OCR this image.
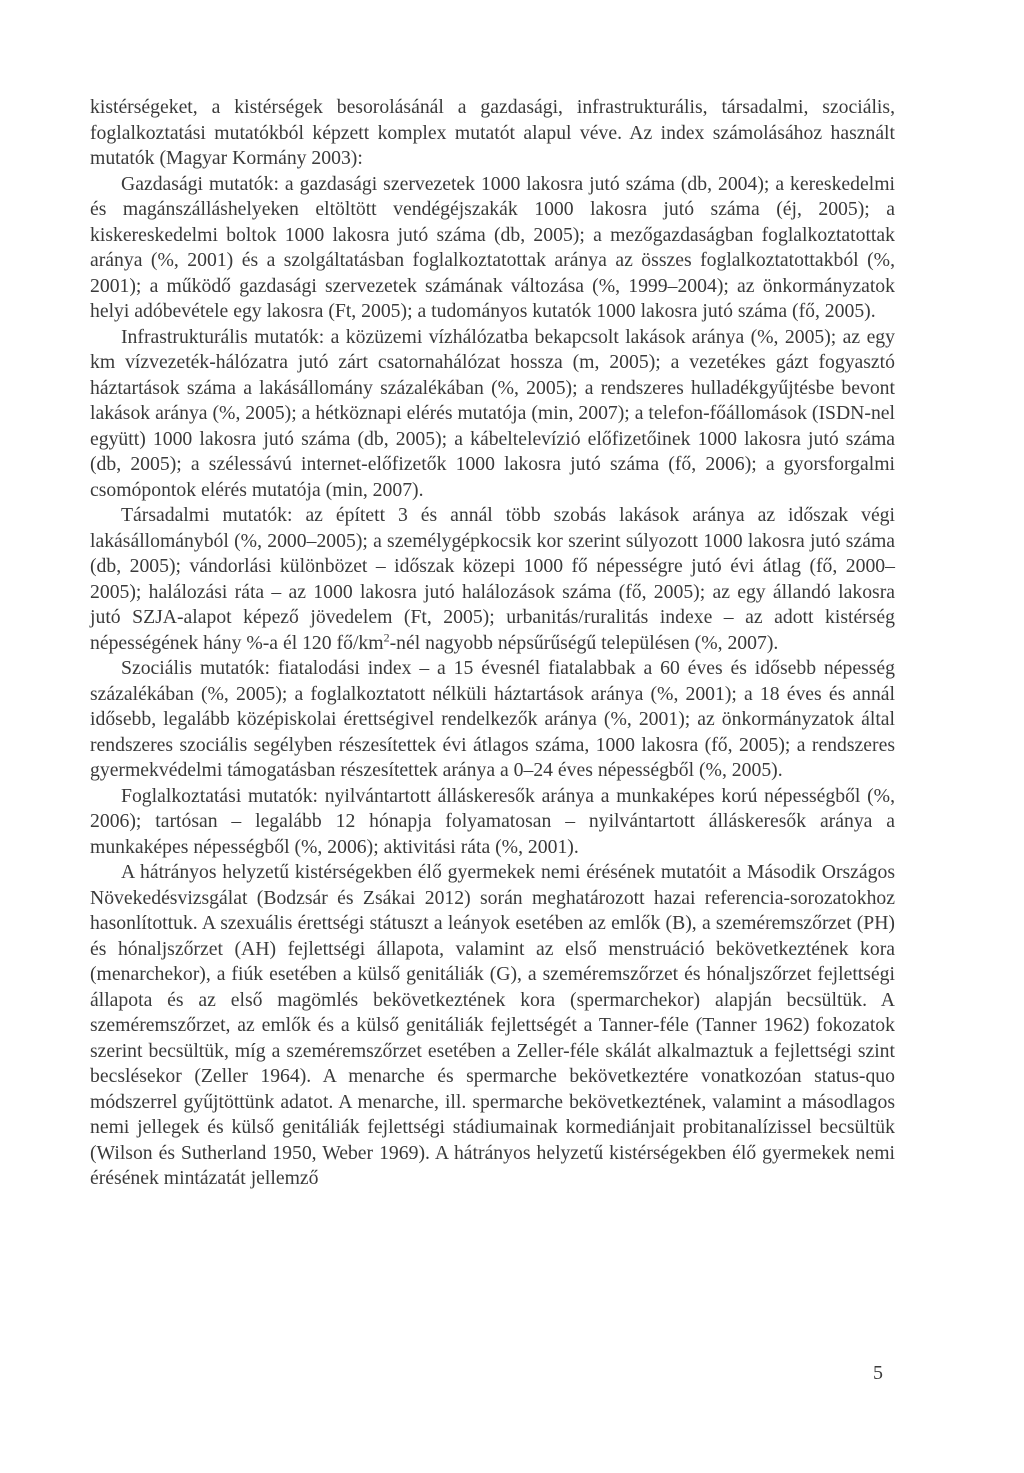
kistérségeket, a kistérségek besorolásánál a gazdasági, infrastrukturális, társadalmi, szociális, foglalkoztatási mutatókból képzett komplex mutatót alapul véve. Az index számolásához használt mutatók (Magyar Kormány 2003):

Gazdasági mutatók: a gazdasági szervezetek 1000 lakosra jutó száma (db, 2004); a kereskedelmi és magánszálláshelyeken eltöltött vendégéjszakák 1000 lakosra jutó száma (éj, 2005); a kiskereskedelmi boltok 1000 lakosra jutó száma (db, 2005); a mezőgazdaságban foglalkoztatottak aránya (%, 2001) és a szolgáltatásban foglalkoztatottak aránya az összes foglalkoztatottakból (%, 2001); a működő gazdasági szervezetek számának változása (%, 1999–2004); az önkormányzatok helyi adóbevétele egy lakosra (Ft, 2005); a tudományos kutatók 1000 lakosra jutó száma (fő, 2005).

Infrastrukturális mutatók: a közüzemi vízhálózatba bekapcsolt lakások aránya (%, 2005); az egy km vízvezeték-hálózatra jutó zárt csatornahálózat hossza (m, 2005); a vezetékes gázt fogyasztó háztartások száma a lakásállomány százalékában (%, 2005); a rendszeres hulladékgyűjtésbe bevont lakások aránya (%, 2005); a hétköznapi elérés mutatója (min, 2007); a telefon-főállomások (ISDN-nel együtt) 1000 lakosra jutó száma (db, 2005); a kábeltelevízió előfizetőinek 1000 lakosra jutó száma (db, 2005); a szélessávú internet-előfizetők 1000 lakosra jutó száma (fő, 2006); a gyorsforgalmi csomópontok elérés mutatója (min, 2007).

Társadalmi mutatók: az épített 3 és annál több szobás lakások aránya az időszak végi lakásállományból (%, 2000–2005); a személygépkocsik kor szerint súlyozott 1000 lakosra jutó száma (db, 2005); vándorlási különbözet – időszak közepi 1000 fő népességre jutó évi átlag (fő, 2000–2005); halálozási ráta – az 1000 lakosra jutó halálozások száma (fő, 2005); az egy állandó lakosra jutó SZJA-alapot képező jövedelem (Ft, 2005); urbanitás/ruralitás indexe – az adott kistérség népességének hány %-a él 120 $fő/km^2$-nél nagyobb népsűrűségű településen (%, 2007).

Szociális mutatók: fiatalodási index – a 15 évesnél fiatalabbak a 60 éves és idősebb népesség százalékában (%, 2005); a foglalkoztatott nélküli háztartások aránya (%, 2001); a 18 éves és annál idősebb, legalább középiskolai érettségivel rendelkezők aránya (%, 2001); az önkormányzatok által rendszeres szociális segélyben részesítettek évi átlagos száma, 1000 lakosra (fő, 2005); a rendszeres gyermekvédelmi támogatásban részesítettek aránya a 0–24 éves népességből (%, 2005).

Foglalkoztatási mutatók: nyilvántartott álláskeresők aránya a munkaképes korú népességből (%, 2006); tartósan – legalább 12 hónapja folyamatosan – nyilvántartott álláskeresők aránya a munkaképes népességből (%, 2006); aktivitási ráta (%, 2001).

A hátrányos helyzetű kistérségekben élő gyermekek nemi érésének mutatóit a Második Országos Növekedésvizsgálat (Bodzsár és Zsákai 2012) során meghatározott hazai referencia-sorozatokhoz hasonlítottuk. A szexuális érettségi státuszt a leányok esetében az emlők (B), a szeméremszőrzet (PH) és hónaljszőrzet (AH) fejlettségi állapota, valamint az első menstruáció bekövetkeztének kora (menarchekor), a fiúk esetében a külső genitáliák (G), a szeméremszőrzet és hónaljszőrzet fejlettségi állapota és az első magömlés bekövetkeztének kora (spermarchekor) alapján becsültük. A szeméremszőrzet, az emlők és a külső genitáliák fejlettségét a Tanner-féle (Tanner 1962) fokozatok szerint becsültük, míg a szeméremszőrzet esetében a Zeller-féle skálát alkalmaztuk a fejlettségi szint becslésekor (Zeller 1964). A menarche és spermarche bekövetkeztére vonatkozóan status-quo módszerrel gyűjtöttünk adatot. A menarche, ill. spermarche bekövetkeztének, valamint a másodlagos nemi jellegek és külső genitáliák fejlettségi stádiumainak kormediánjait probitanalízissel becsültük (Wilson és Sutherland 1950, Weber 1969). A hátrányos helyzetű kistérségekben élő gyermekek nemi érésének mintázatát jellemző

5
